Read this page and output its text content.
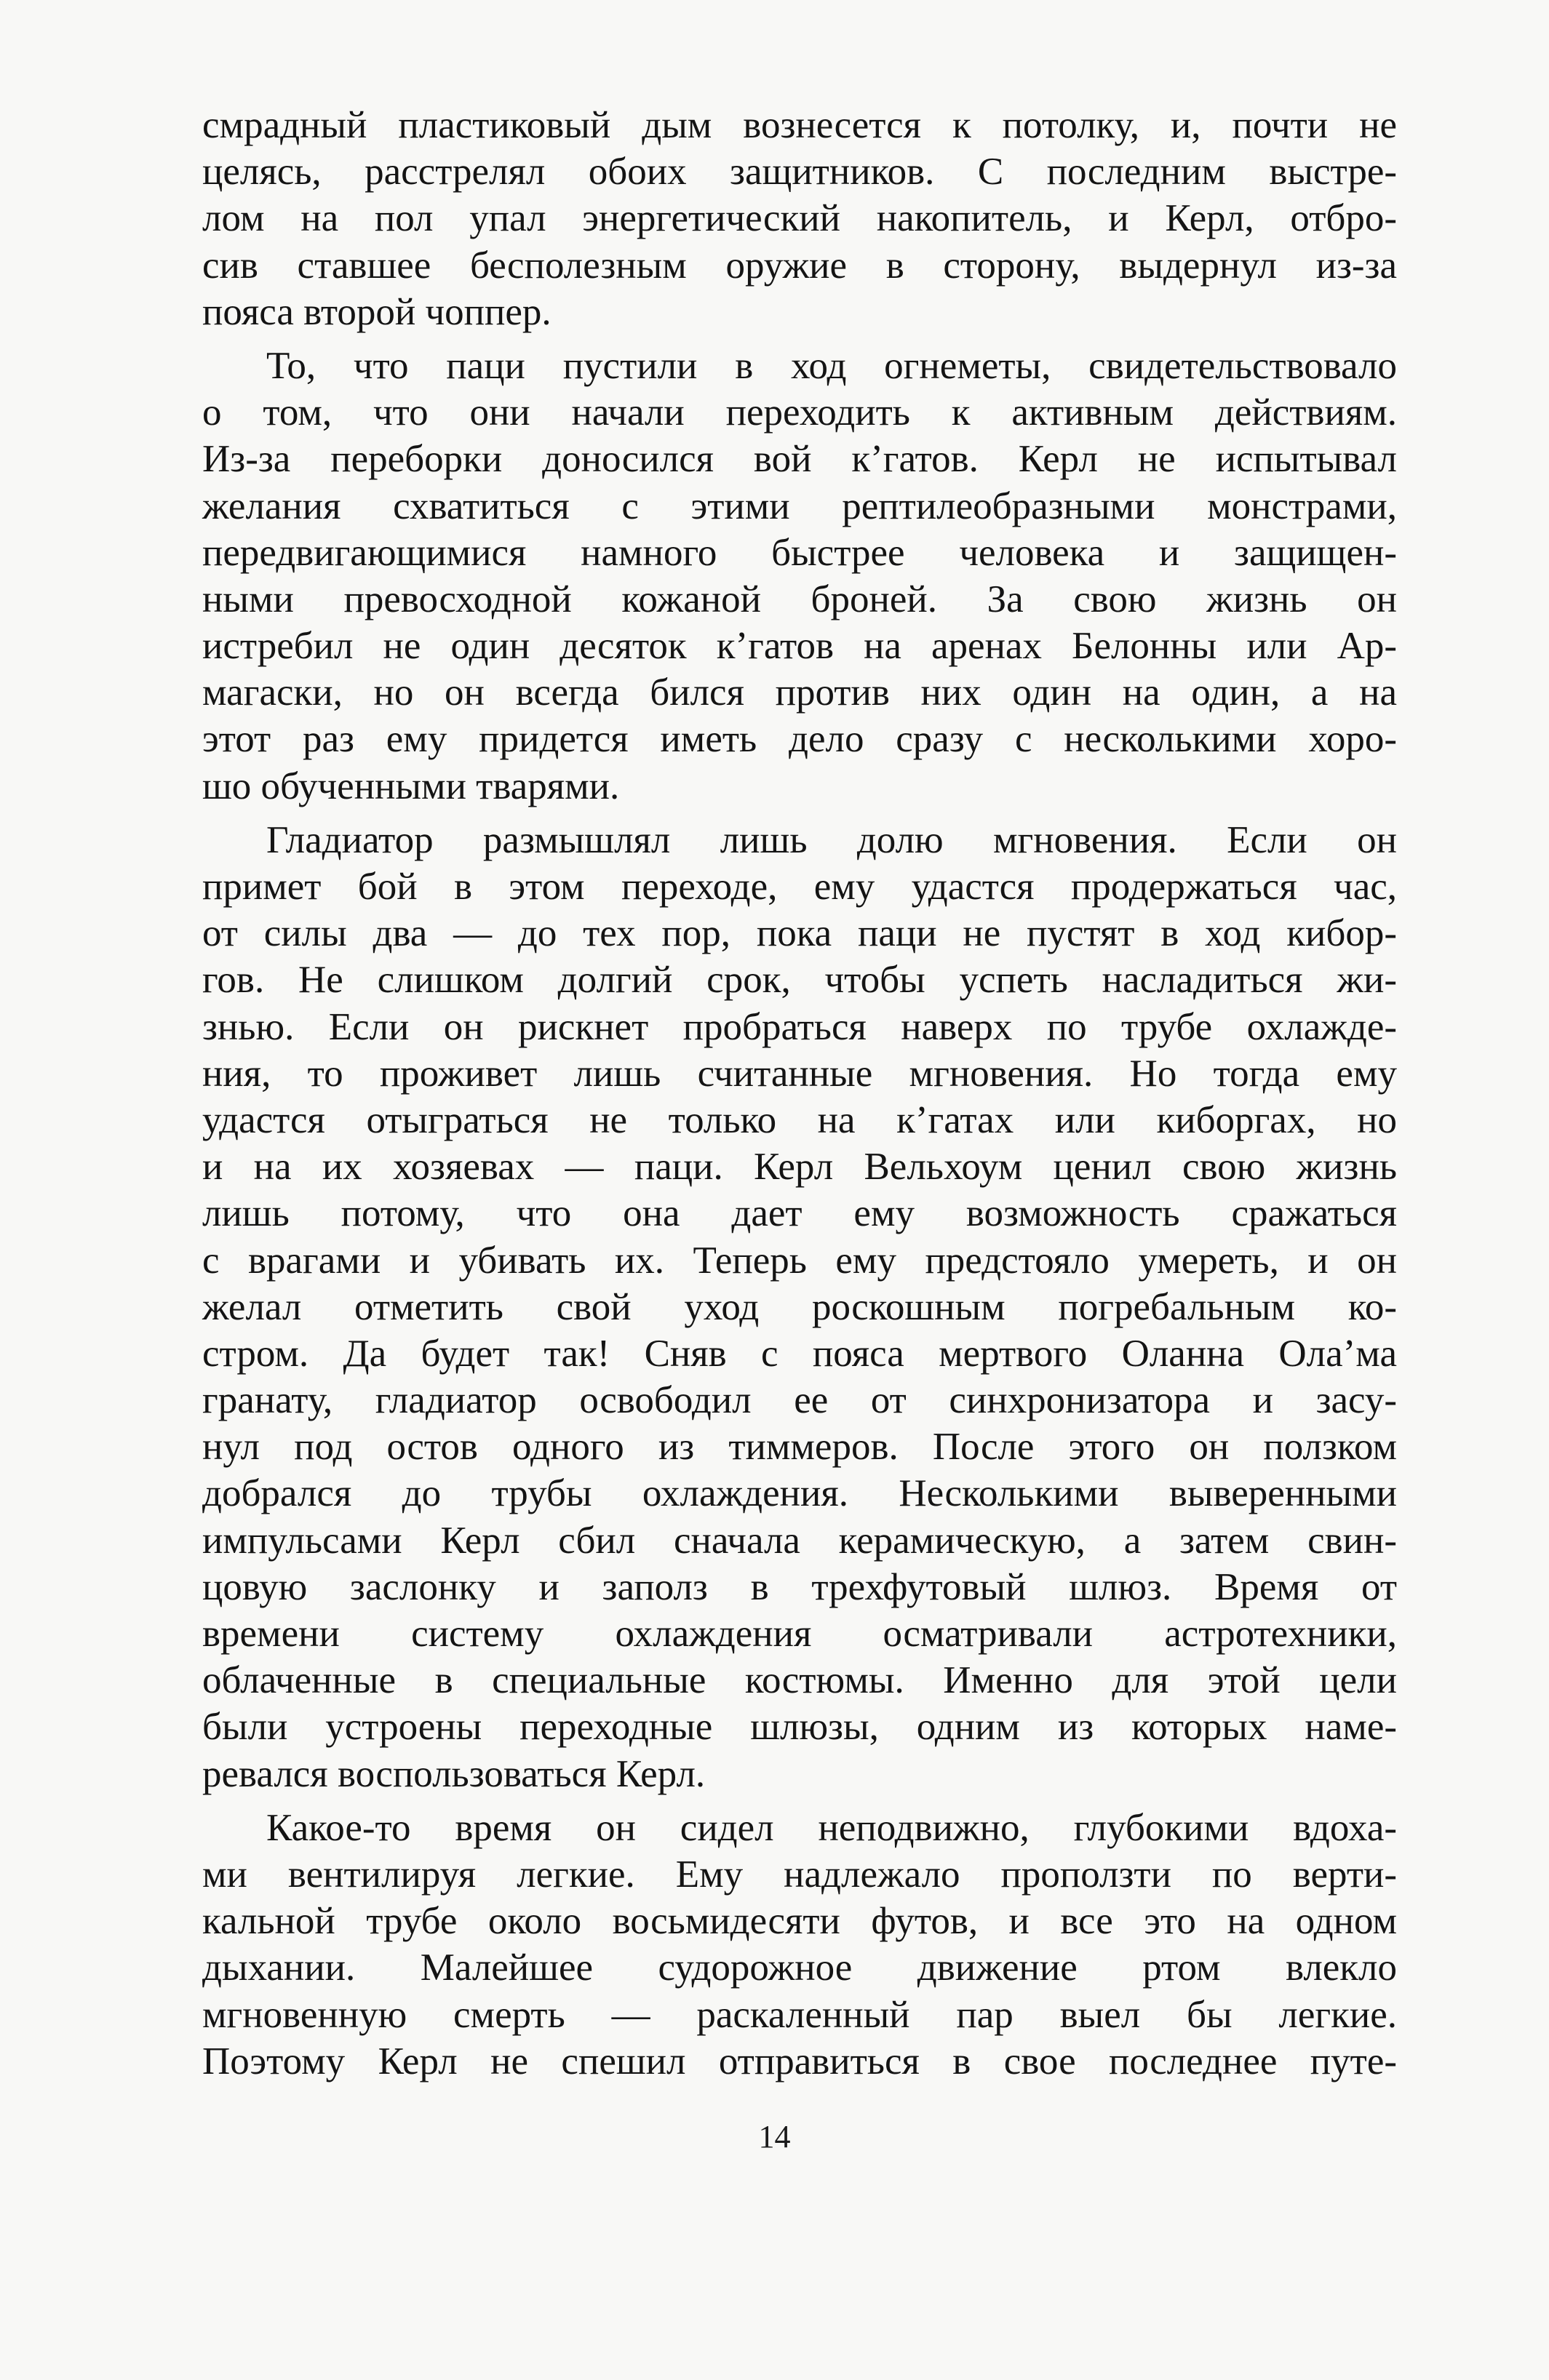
смрадный пластиковый дым вознесется к потолку, и, почти не
целясь, расстрелял обоих защитников. С последним выстре-
лом на пол упал энергетический накопитель, и Керл, отбро-
сив ставшее бесполезным оружие в сторону, выдернул из-за
пояса второй чоппер.
То, что паци пустили в ход огнеметы, свидетельствовало
о том, что они начали переходить к активным действиям.
Из-за переборки доносился вой к’гатов. Керл не испытывал
желания схватиться с этими рептилеобразными монстрами,
передвигающимися намного быстрее человека и защищен-
ными превосходной кожаной броней. За свою жизнь он
истребил не один десяток к’гатов на аренах Белонны или Ар-
магаски, но он всегда бился против них один на один, а на
этот раз ему придется иметь дело сразу с несколькими хоро-
шо обученными тварями.
Гладиатор размышлял лишь долю мгновения. Если он
примет бой в этом переходе, ему удастся продержаться час,
от силы два — до тех пор, пока паци не пустят в ход кибор-
гов. Не слишком долгий срок, чтобы успеть насладиться жи-
знью. Если он рискнет пробраться наверх по трубе охлажде-
ния, то проживет лишь считанные мгновения. Но тогда ему
удастся отыграться не только на к’гатах или киборгах, но
и на их хозяевах — паци. Керл Вельхоум ценил свою жизнь
лишь потому, что она дает ему возможность сражаться
с врагами и убивать их. Теперь ему предстояло умереть, и он
желал отметить свой уход роскошным погребальным ко-
стром. Да будет так! Сняв с пояса мертвого Оланна Ола’ма
гранату, гладиатор освободил ее от синхронизатора и засу-
нул под остов одного из тиммеров. После этого он ползком
добрался до трубы охлаждения. Несколькими выверенными
импульсами Керл сбил сначала керамическую, а затем свин-
цовую заслонку и заполз в трехфутовый шлюз. Время от
времени систему охлаждения осматривали астротехники,
облаченные в специальные костюмы. Именно для этой цели
были устроены переходные шлюзы, одним из которых наме-
ревался воспользоваться Керл.
Какое-то время он сидел неподвижно, глубокими вдоха-
ми вентилируя легкие. Ему надлежало проползти по верти-
кальной трубе около восьмидесяти футов, и все это на одном
дыхании. Малейшее судорожное движение ртом влекло
мгновенную смерть — раскаленный пар выел бы легкие.
Поэтому Керл не спешил отправиться в свое последнее путе-
14
